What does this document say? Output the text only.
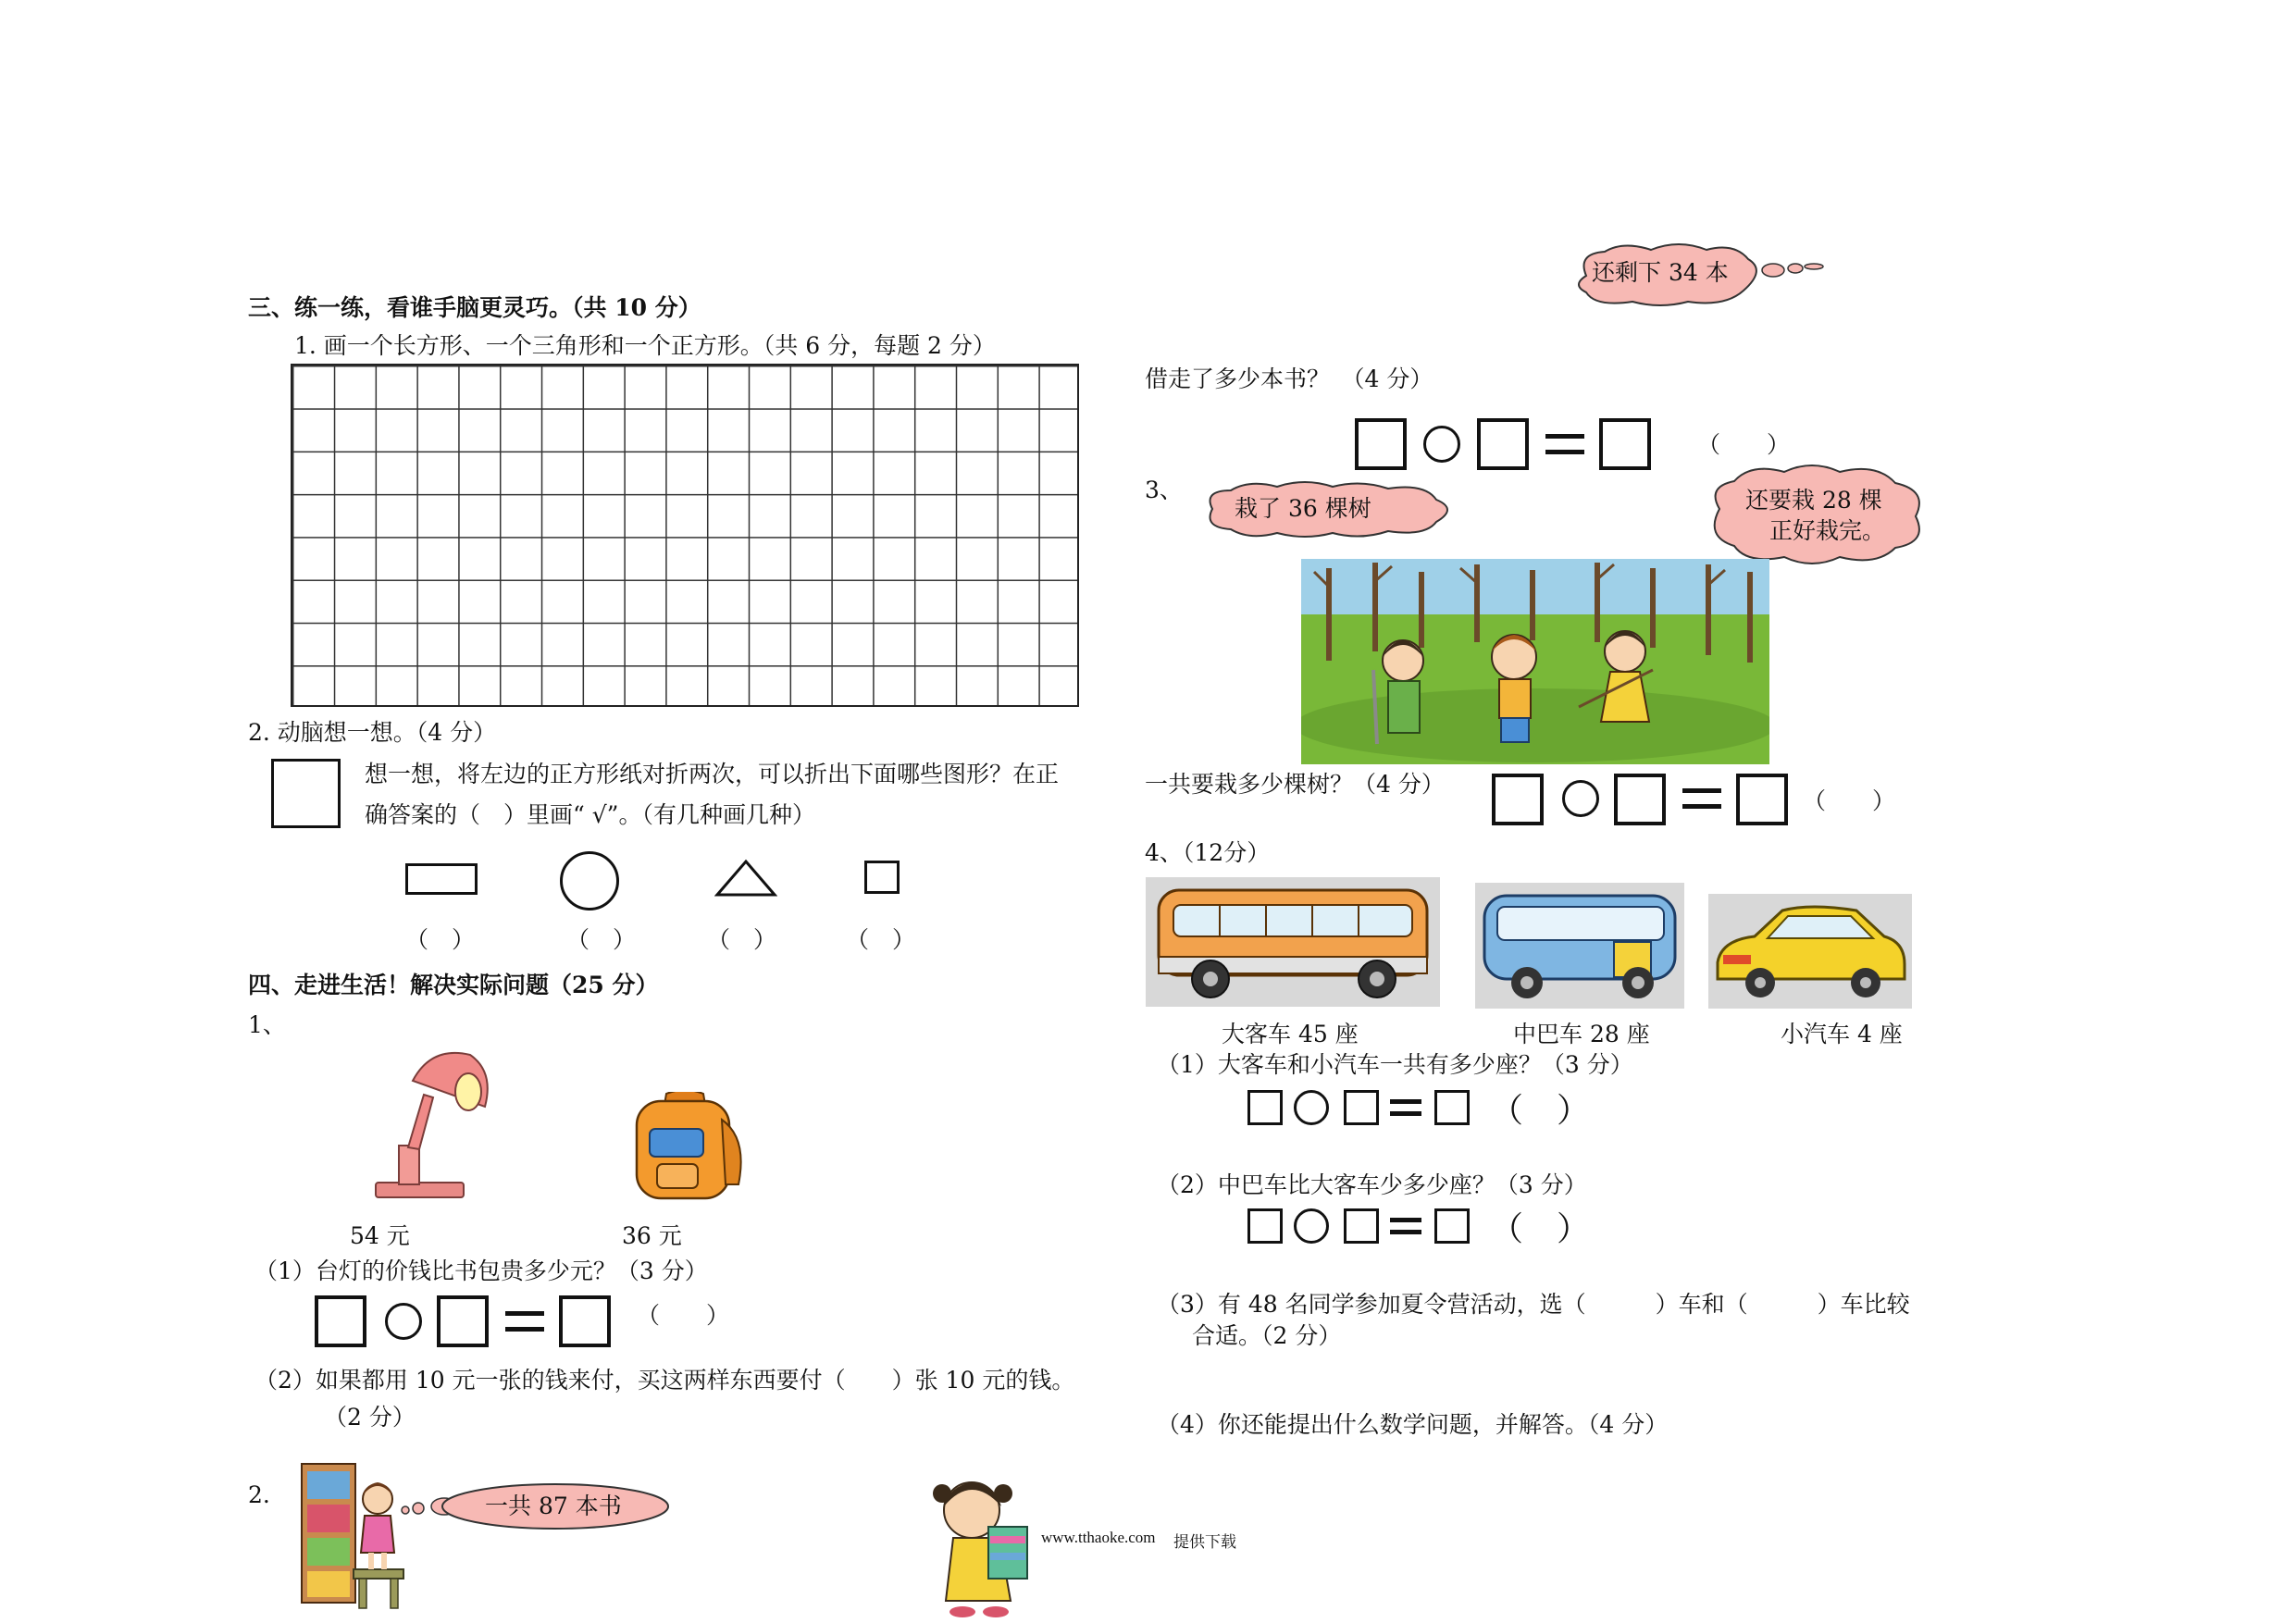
三、练一练，看谁手脑更灵巧。（共 10 分）
1. 画一个长方形、一个三角形和一个正方形。（共 6 分，每题 2 分）
2. 动脑想一想。（4 分）
想一想，将左边的正方形纸对折两次，可以折出下面哪些图形？在正
确答案的（　）里画“ √”。（有几种画几种）
（　）	（　）	（　）	（　）
四、走进生活！解决实际问题（25 分）
1、
54 元	36 元
（1）台灯的价钱比书包贵多少元？（3 分）
（　　）
（2）如果都用 10 元一张的钱来付，买这两样东西要付（　　）张 10 元的钱。
（2 分）
2.	一共 87 本书
www.tthaoke.com 提供下载
还剩下 34 本
借走了多少本书？　（4 分）
（　　）
3、
栽了 36 棵树	还要栽 28 棵
正好栽完。
一共要栽多少棵树？（4 分）
（　　）
4、（12分）
大客车 45 座	中巴车 28 座	小汽车 4 座
（1）大客车和小汽车一共有多少座？（3 分）
（　）
（2）中巴车比大客车少多少座？（3 分）
（　）
（3）有 48 名同学参加夏令营活动，选（　　　）车和（　　　）车比较
合适。（2 分）
（4）你还能提出什么数学问题，并解答。（4 分）
